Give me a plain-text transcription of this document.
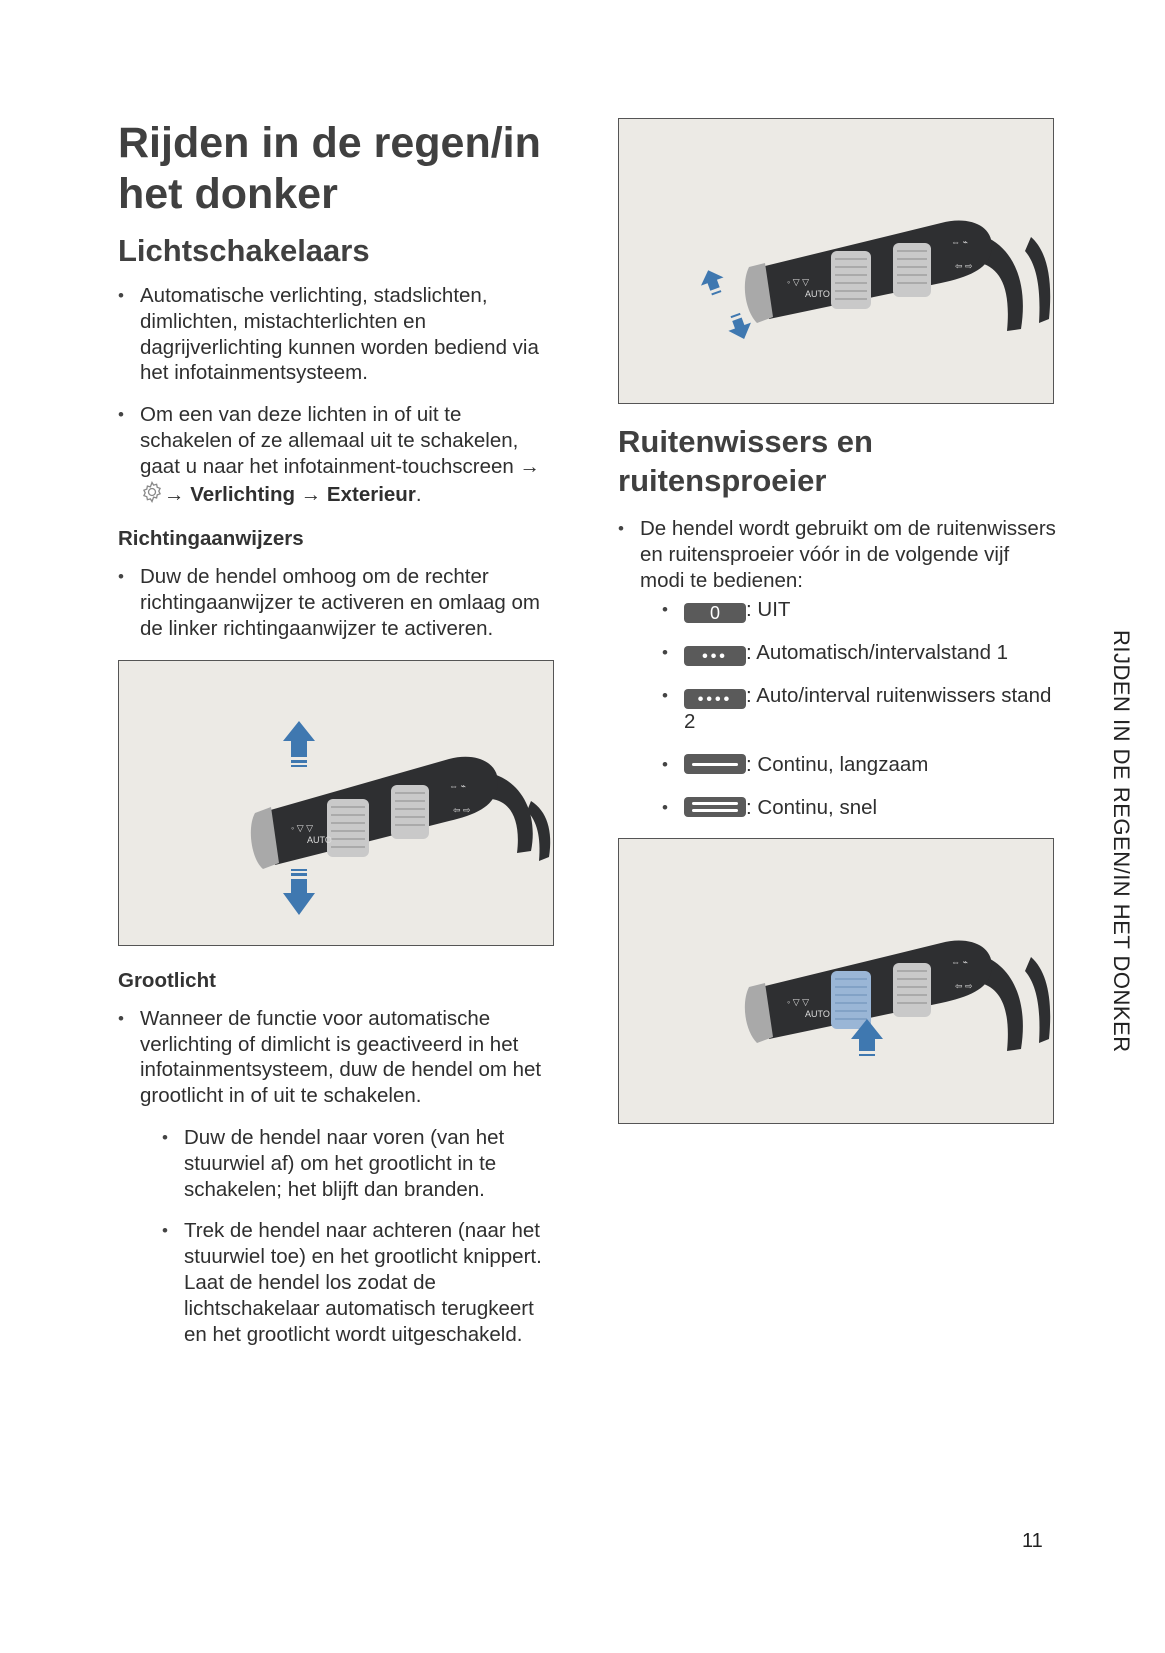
Rijden in de regen/in het donker
Lichtschakelaars
• Automatische verlichting, stadslichten, dimlichten, mistachterlichten en dagrijverlichting kunnen worden bediend via het infotainmentsysteem.
• Om een van deze lichten in of uit te schakelen of ze allemaal uit te schakelen, gaat u naar het infotainment-touchscreen →→ Verlichting → Exterieur.
Richtingaanwijzers
• Duw de hendel omhoog om de rechter richtingaanwijzer te activeren en omlaag om de linker richtingaanwijzer te activeren.
◦ ▽ ▽
AUTO
⇔ ⌁
⇦ ⇨
Grootlicht
• Wanneer de functie voor automatische verlichting of dimlicht is geactiveerd in het infotainmentsysteem, duw de hendel om het grootlicht in of uit te schakelen.
• Duw de hendel naar voren (van het stuurwiel af) om het grootlicht in te schakelen; het blijft dan branden.
• Trek de hendel naar achteren (naar het stuurwiel toe) en het grootlicht knippert. Laat de hendel los zodat de lichtschakelaar automatisch terugkeert en het grootlicht wordt uitgeschakeld.
◦ ▽ ▽
AUTO
⇔ ⌁
⇦ ⇨
Ruitenwissers en ruitensproeier
• De hendel wordt gebruikt om de ruitenwissers en ruitensproeier vóór in de volgende vijf modi te bedienen:
• 0 : UIT
• ••• : Automatisch/intervalstand 1
• •••• : Auto/interval ruitenwissers stand 2
• : Continu, langzaam
• : Continu, snel
◦ ▽ ▽
AUTO
⇔ ⌁
⇦ ⇨	RIJDEN IN DE REGEN/IN HET DONKER
11
